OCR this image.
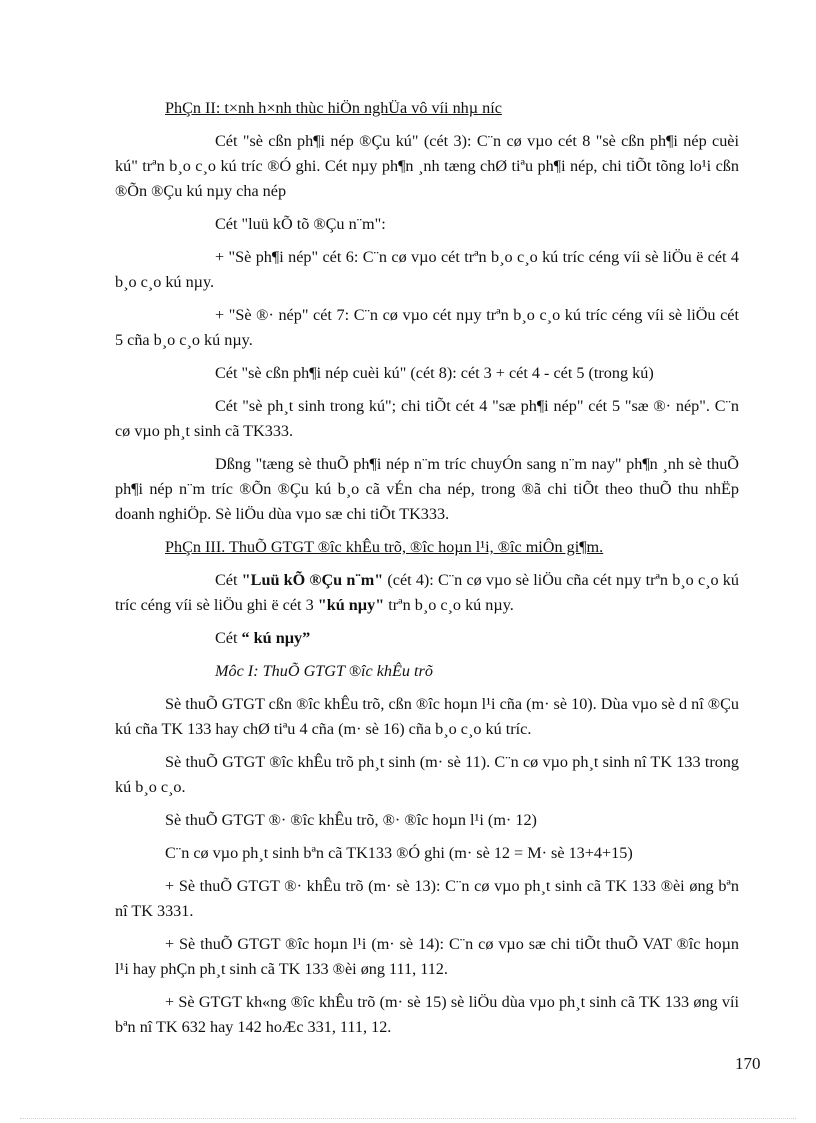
PhÇn II: t×nh h×nh thùc hiÖn nghÜa vô víi nhµ níc

Cét "sè cßn ph¶i nép ®Çu kú" (cét 3): C¨n cø vµo cét 8 "sè cßn ph¶i nép cuèi kú" trªn b¸o c¸o kú tríc ®Ó ghi. Cét nµy ph¶n ¸nh tæng chØ tiªu ph¶i nép, chi tiÕt tõng lo¹i cßn ®Õn ®Çu kú nµy cha nép

Cét "luü kÕ tõ ®Çu n¨m":

+ "Sè ph¶i nép" cét 6: C¨n cø vµo cét trªn b¸o c¸o kú tríc céng víi sè liÖu ë cét 4 b¸o c¸o kú nµy.

+ "Sè ®· nép" cét 7: C¨n cø vµo cét nµy trªn b¸o c¸o kú tríc céng víi sè liÖu cét 5 cña b¸o c¸o kú nµy.

Cét "sè cßn ph¶i nép cuèi kú" (cét 8): cét 3 + cét 4 - cét 5 (trong kú)

Cét "sè ph¸t sinh trong kú"; chi tiÕt cét 4 "sæ ph¶i nép" cét 5 "sæ ®· nép". C¨n cø vµo ph¸t sinh cã TK333.

Dßng "tæng sè thuÕ ph¶i nép n¨m tríc chuyÓn sang n¨m nay" ph¶n ¸nh sè thuÕ ph¶i nép n¨m tríc ®Õn ®Çu kú b¸o cã vÉn cha nép, trong ®ã chi tiÕt theo thuÕ thu nhËp doanh nghiÖp. Sè liÖu dùa vµo sæ chi tiÕt TK333.

PhÇn III. ThuÕ GTGT ®îc khÊu trõ, ®îc hoµn l¹i, ®îc miÔn gi¶m.

Cét "Luü kÕ ®Çu n¨m" (cét 4): C¨n cø vµo sè liÖu cña cét nµy trªn b¸o c¸o kú tríc céng víi sè liÖu ghi ë cét 3 "kú nµy" trªn b¸o c¸o kú nµy.

Cét “ kú nµy”

Môc I: ThuÕ GTGT ®îc khÊu trõ

Sè thuÕ GTGT cßn ®îc khÊu trõ, cßn ®îc hoµn l¹i cña (m· sè 10). Dùa vµo sè d nî ®Çu kú cña TK 133 hay chØ tiªu 4 cña (m· sè 16) cña b¸o c¸o kú tríc.

Sè thuÕ GTGT ®îc khÊu trõ ph¸t sinh (m· sè 11). C¨n cø vµo ph¸t sinh nî TK 133 trong kú b¸o c¸o.

Sè thuÕ GTGT ®· ®îc khÊu trõ, ®· ®îc hoµn l¹i (m· 12)

C¨n cø vµo ph¸t sinh bªn cã TK133 ®Ó ghi (m· sè 12 = M· sè 13+4+15)

+ Sè thuÕ GTGT ®· khÊu trõ (m· sè 13): C¨n cø vµo ph¸t sinh cã TK 133 ®èi øng bªn nî TK 3331.

+ Sè thuÕ GTGT ®îc hoµn l¹i (m· sè 14): C¨n cø vµo sæ chi tiÕt thuÕ VAT ®îc hoµn l¹i hay phÇn ph¸t sinh cã TK 133 ®èi øng 111, 112.

+ Sè GTGT kh«ng ®îc khÊu trõ (m· sè 15) sè liÖu dùa vµo ph¸t sinh cã TK 133 øng víi bªn nî TK 632 hay 142 hoÆc 331, 111, 12.

170
